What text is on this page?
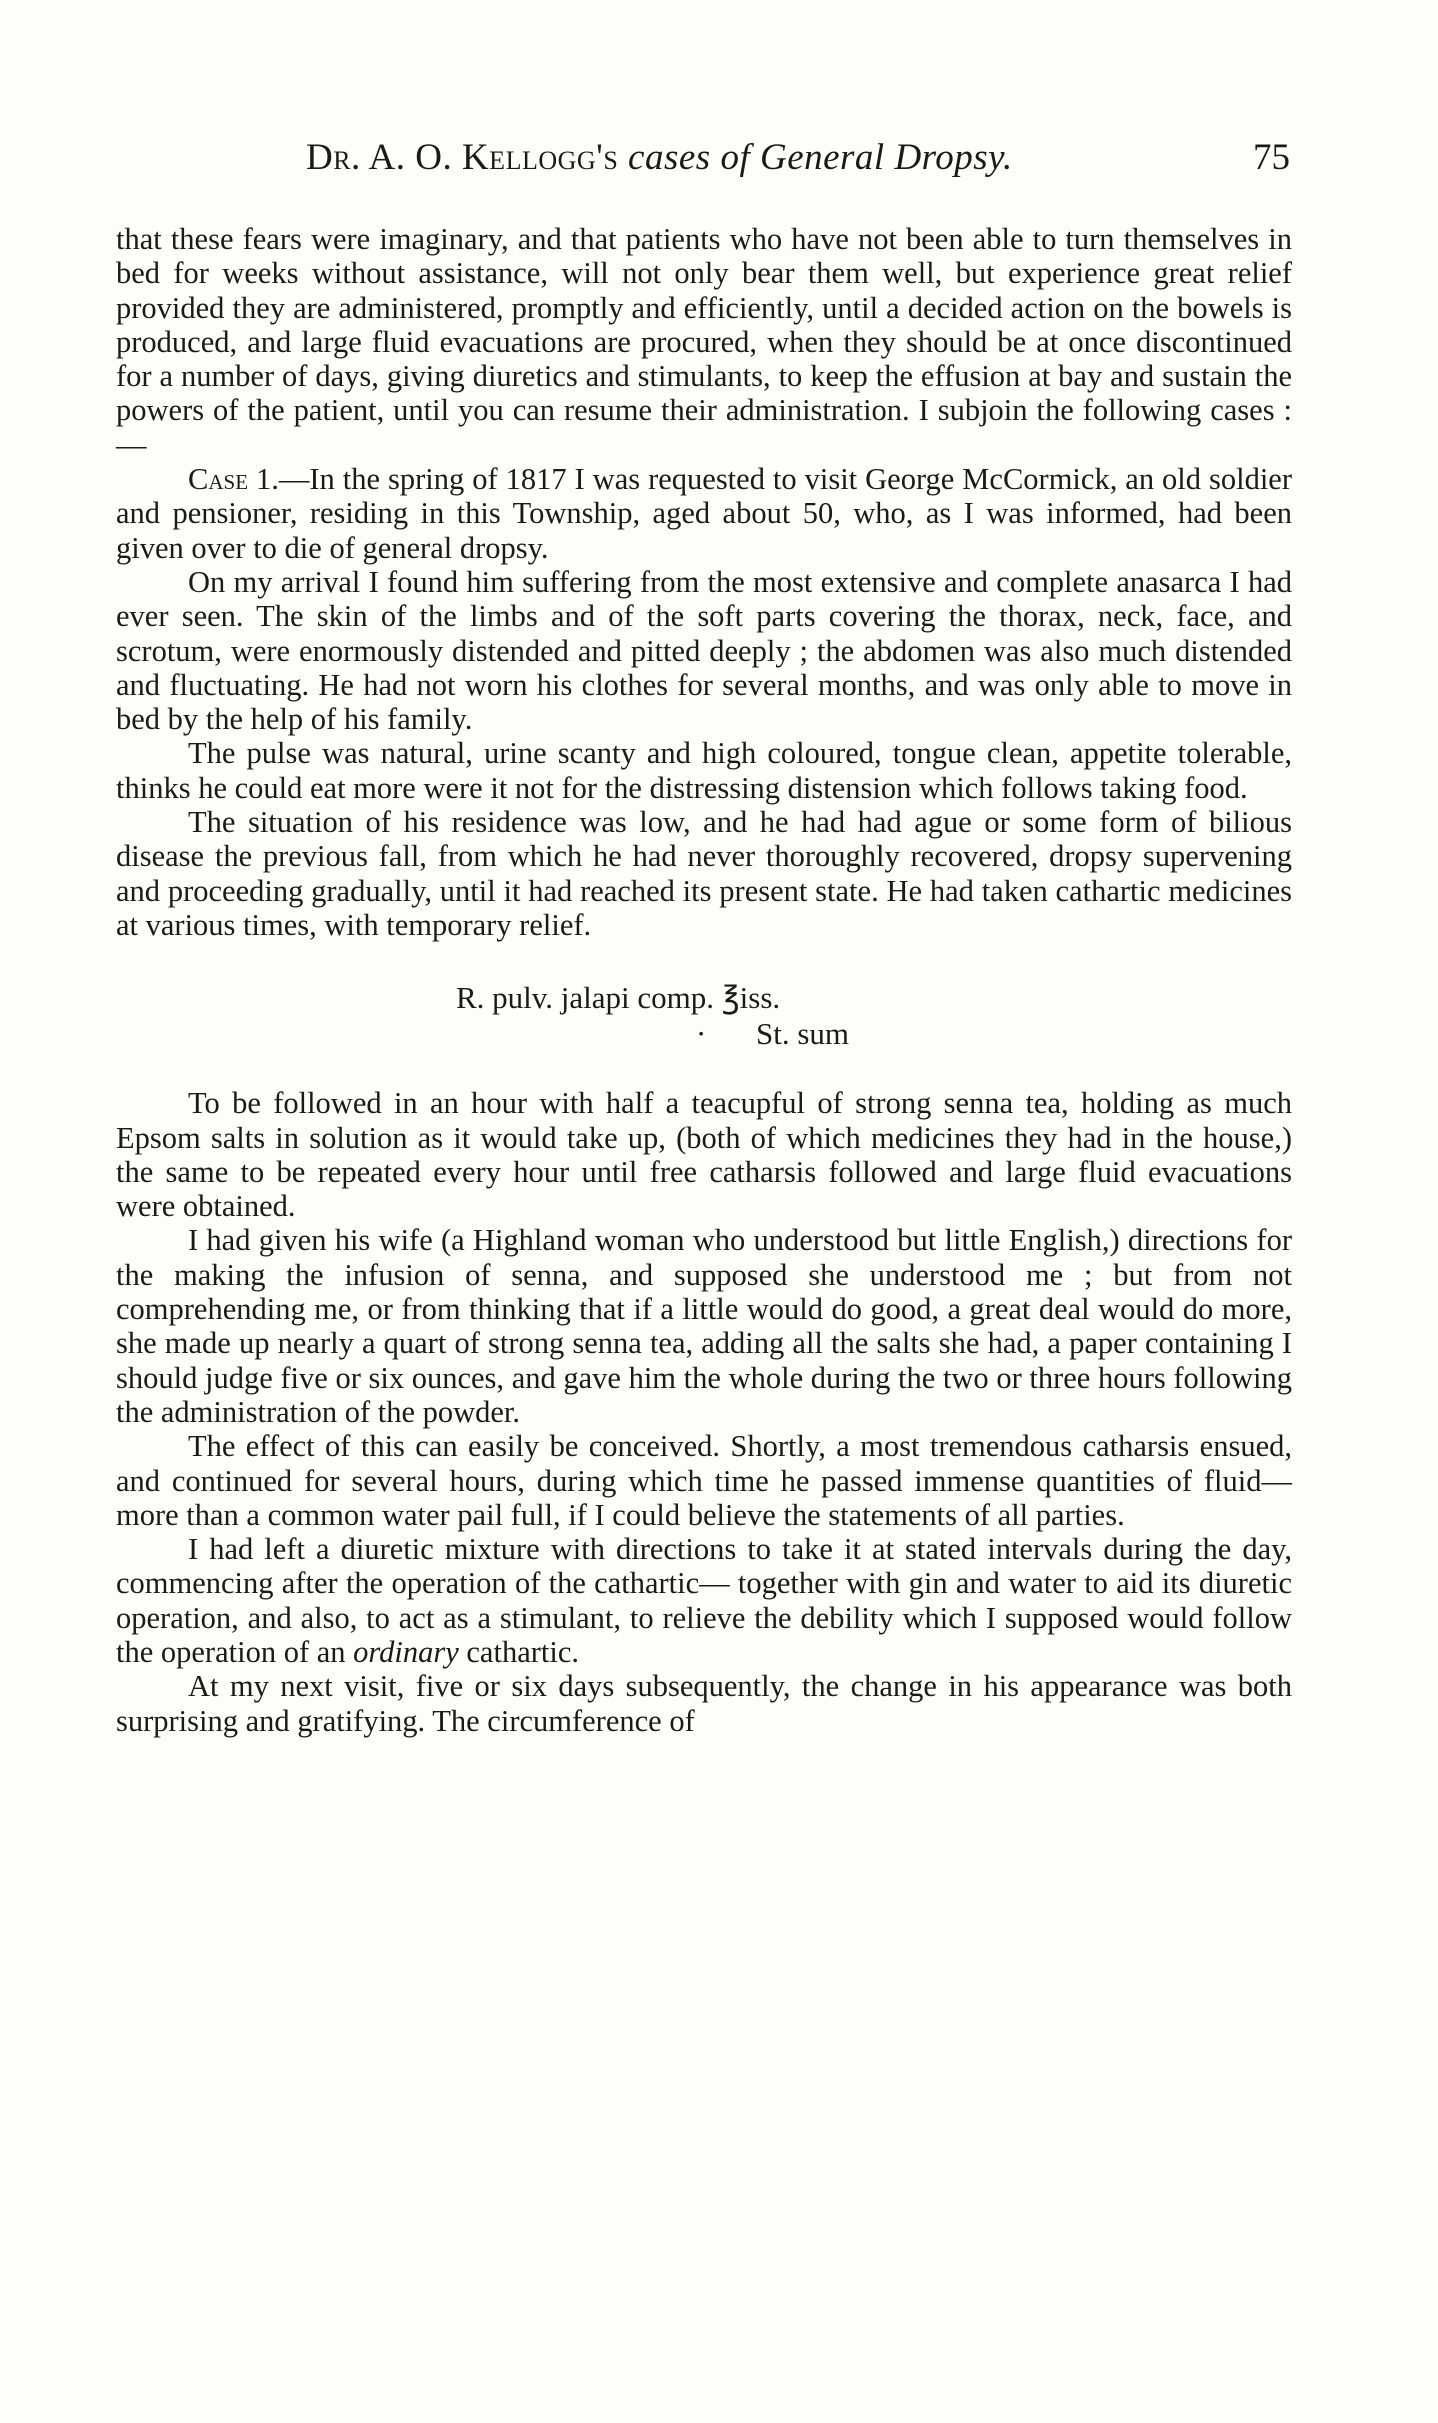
Dr. A. O. Kellogg's cases of General Dropsy.	75

that these fears were imaginary, and that patients who have not been able to turn themselves in bed for weeks without assistance, will not only bear them well, but experience great relief provided they are administered, promptly and efficiently, until a decided action on the bowels is produced, and large fluid evacuations are procured, when they should be at once discontinued for a number of days, giving diuretics and stimulants, to keep the effusion at bay and sustain the powers of the patient, until you can resume their administration. I subjoin the following cases :—

Case 1.—In the spring of 1817 I was requested to visit George McCormick, an old soldier and pensioner, residing in this Township, aged about 50, who, as I was informed, had been given over to die of general dropsy.

On my arrival I found him suffering from the most extensive and complete anasarca I had ever seen. The skin of the limbs and of the soft parts covering the thorax, neck, face, and scrotum, were enormously distended and pitted deeply ; the abdomen was also much distended and fluctuating. He had not worn his clothes for several months, and was only able to move in bed by the help of his family.

The pulse was natural, urine scanty and high coloured, tongue clean, appetite tolerable, thinks he could eat more were it not for the distressing distension which follows taking food.

The situation of his residence was low, and he had had ague or some form of bilious disease the previous fall, from which he had never thoroughly recovered, dropsy supervening and proceeding gradually, until it had reached its present state. He had taken cathartic medicines at various times, with temporary relief.

R. pulv. jalapi comp. ℥iss.
· St. sum

To be followed in an hour with half a teacupful of strong senna tea, holding as much Epsom salts in solution as it would take up, (both of which medicines they had in the house,) the same to be repeated every hour until free catharsis followed and large fluid evacuations were obtained.

I had given his wife (a Highland woman who understood but little English,) directions for the making the infusion of senna, and supposed she understood me ; but from not comprehending me, or from thinking that if a little would do good, a great deal would do more, she made up nearly a quart of strong senna tea, adding all the salts she had, a paper containing I should judge five or six ounces, and gave him the whole during the two or three hours following the administration of the powder.

The effect of this can easily be conceived. Shortly, a most tremendous catharsis ensued, and continued for several hours, during which time he passed immense quantities of fluid—more than a common water pail full, if I could believe the statements of all parties.

I had left a diuretic mixture with directions to take it at stated intervals during the day, commencing after the operation of the cathartic— together with gin and water to aid its diuretic operation, and also, to act as a stimulant, to relieve the debility which I supposed would follow the operation of an ordinary cathartic.

At my next visit, five or six days subsequently, the change in his appearance was both surprising and gratifying. The circumference of
